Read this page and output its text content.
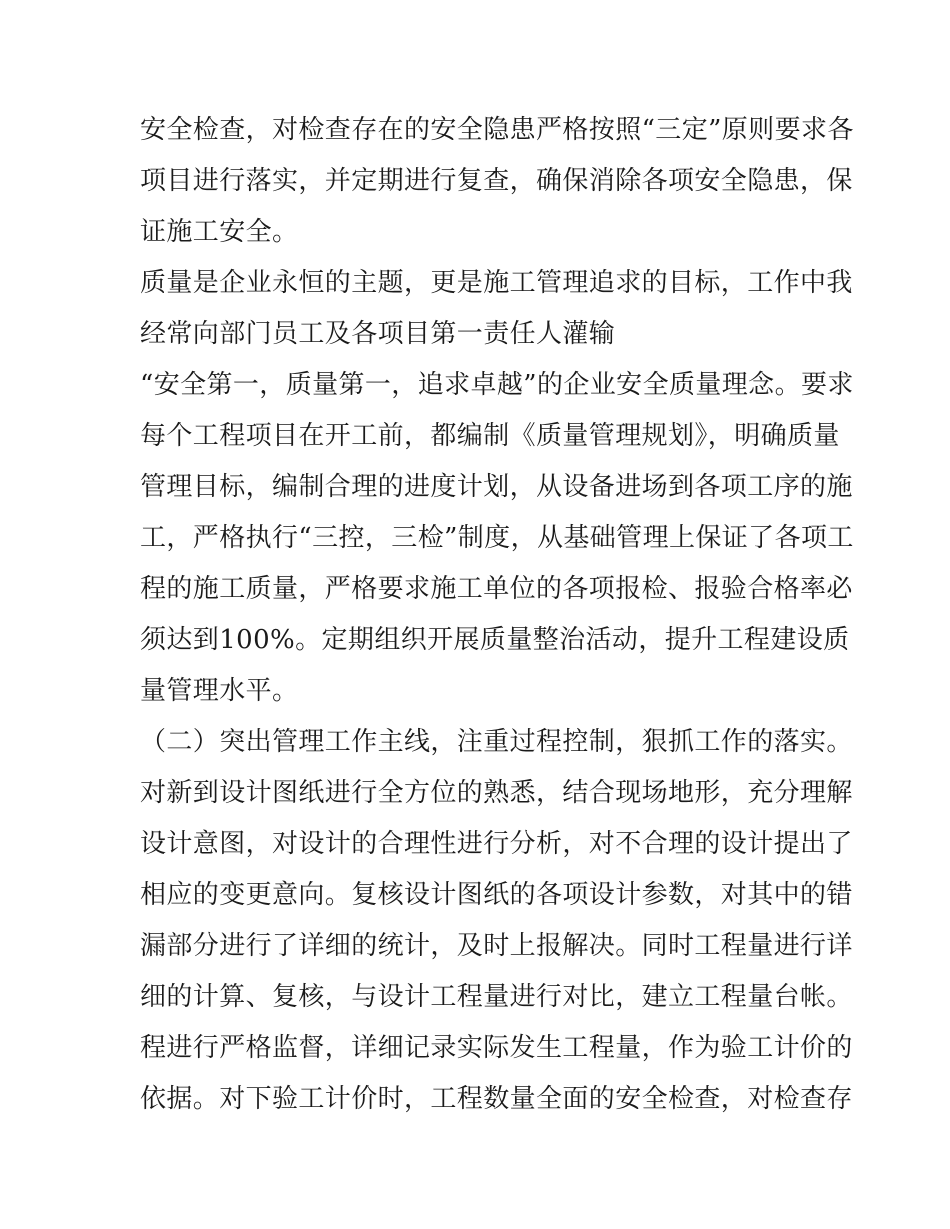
安全检查，对检查存在的安全隐患严格按照“三定”原则要求各
项目进行落实，并定期进行复查，确保消除各项安全隐患，保
证施工安全。
质量是企业永恒的主题，更是施工管理追求的目标，工作中我
经常向部门员工及各项目第一责任人灌输
“安全第一，质量第一，追求卓越”的企业安全质量理念。要求
每个工程项目在开工前，都编制《质量管理规划》，明确质量
管理目标，编制合理的进度计划，从设备进场到各项工序的施
工，严格执行“三控，三检”制度，从基础管理上保证了各项工
程的施工质量，严格要求施工单位的各项报检、报验合格率必
须达到100%。定期组织开展质量整治活动，提升工程建设质
量管理水平。
（二）突出管理工作主线，注重过程控制，狠抓工作的落实。
对新到设计图纸进行全方位的熟悉，结合现场地形，充分理解
设计意图，对设计的合理性进行分析，对不合理的设计提出了
相应的变更意向。复核设计图纸的各项设计参数，对其中的错
漏部分进行了详细的统计，及时上报解决。同时工程量进行详
细的计算、复核，与设计工程量进行对比，建立工程量台帐。
程进行严格监督，详细记录实际发生工程量，作为验工计价的
依据。对下验工计价时，工程数量全面的安全检查，对检查存
